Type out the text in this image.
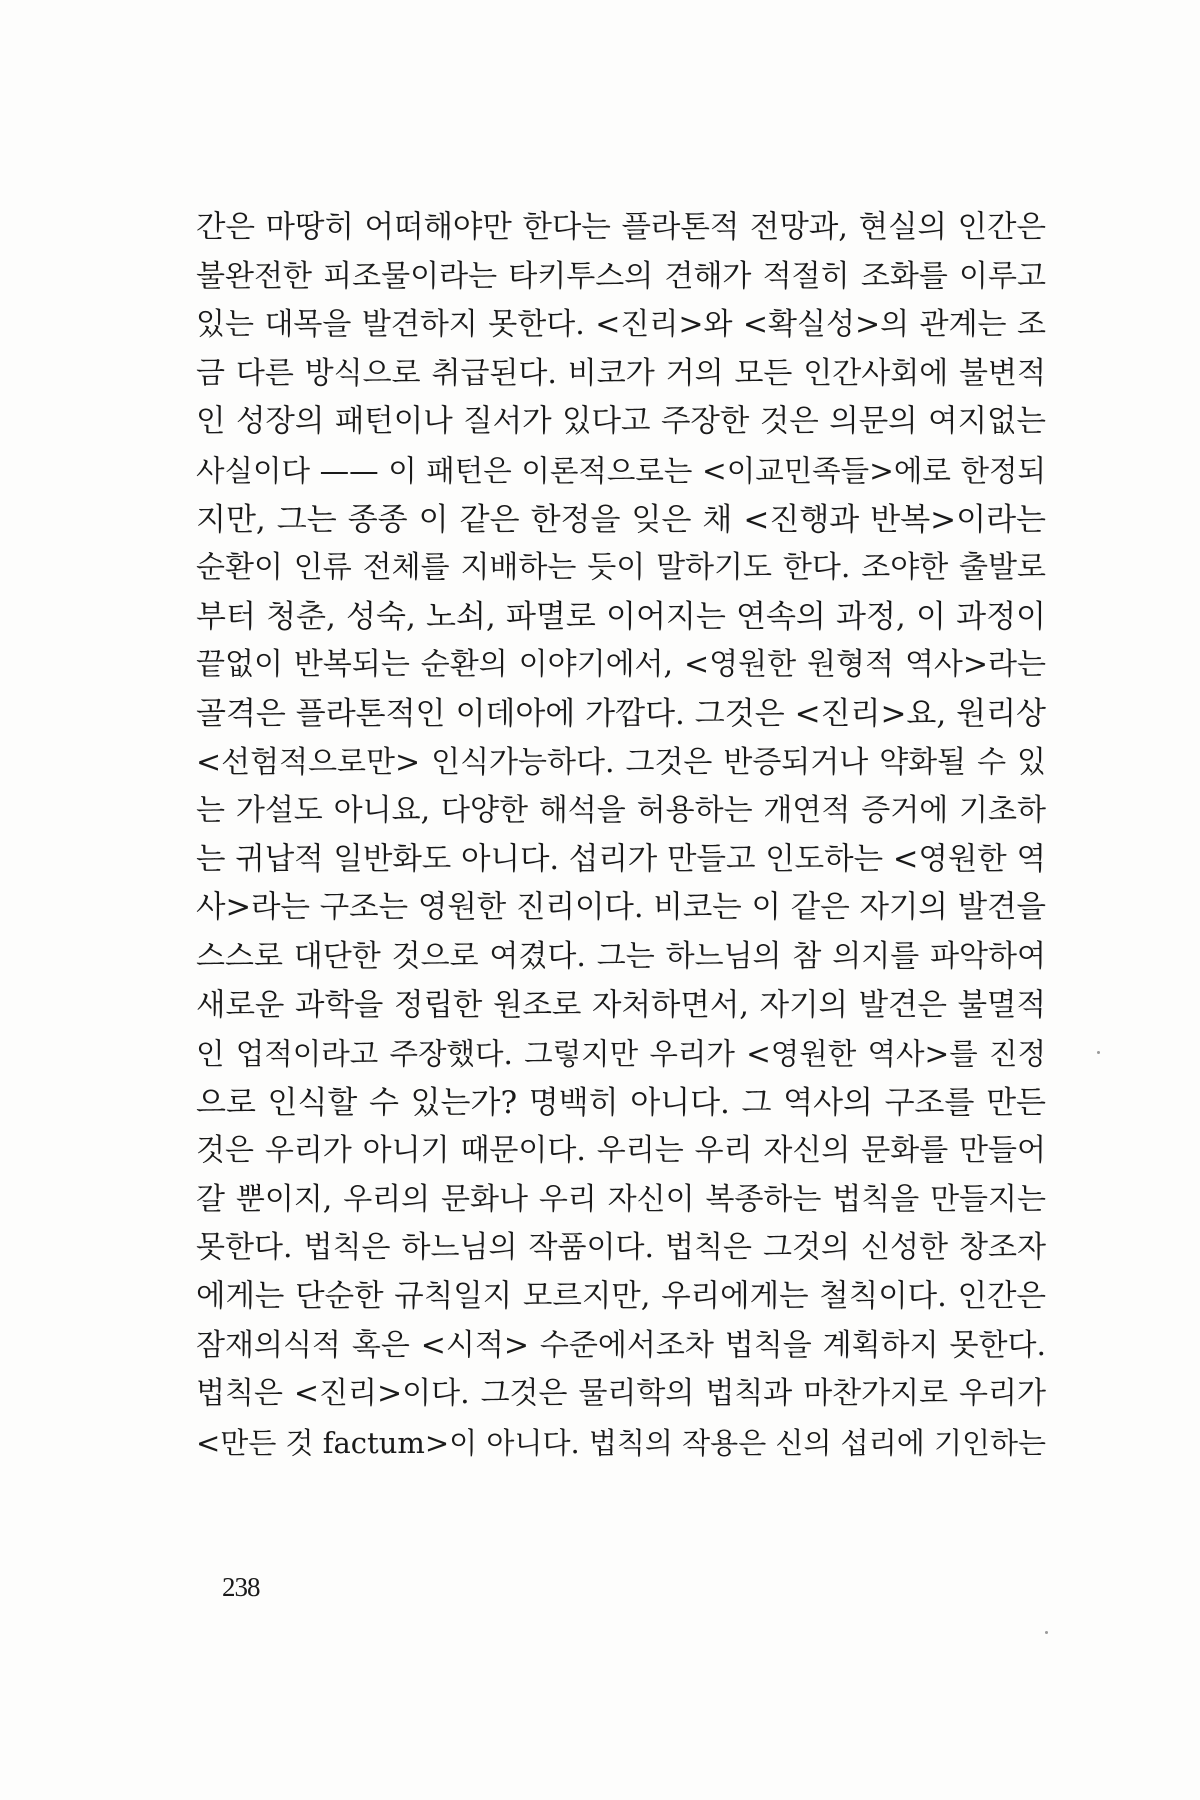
간은 마땅히 어떠해야만 한다는 플라톤적 전망과, 현실의 인간은
불완전한 피조물이라는 타키투스의 견해가 적절히 조화를 이루고
있는 대목을 발견하지 못한다. <진리>와 <확실성>의 관계는 조
금 다른 방식으로 취급된다. 비코가 거의 모든 인간사회에 불변적
인 성장의 패턴이나 질서가 있다고 주장한 것은 의문의 여지없는
사실이다 —— 이 패턴은 이론적으로는 <이교민족들>에로 한정되
지만, 그는 종종 이 같은 한정을 잊은 채 <진행과 반복>이라는
순환이 인류 전체를 지배하는 듯이 말하기도 한다. 조야한 출발로
부터 청춘, 성숙, 노쇠, 파멸로 이어지는 연속의 과정, 이 과정이
끝없이 반복되는 순환의 이야기에서, <영원한 원형적 역사>라는
골격은 플라톤적인 이데아에 가깝다. 그것은 <진리>요, 원리상
<선험적으로만> 인식가능하다. 그것은 반증되거나 약화될 수 있
는 가설도 아니요, 다양한 해석을 허용하는 개연적 증거에 기초하
는 귀납적 일반화도 아니다. 섭리가 만들고 인도하는 <영원한 역
사>라는 구조는 영원한 진리이다. 비코는 이 같은 자기의 발견을
스스로 대단한 것으로 여겼다. 그는 하느님의 참 의지를 파악하여
새로운 과학을 정립한 원조로 자처하면서, 자기의 발견은 불멸적
인 업적이라고 주장했다. 그렇지만 우리가 <영원한 역사>를 진정
으로 인식할 수 있는가? 명백히 아니다. 그 역사의 구조를 만든
것은 우리가 아니기 때문이다. 우리는 우리 자신의 문화를 만들어
갈 뿐이지, 우리의 문화나 우리 자신이 복종하는 법칙을 만들지는
못한다. 법칙은 하느님의 작품이다. 법칙은 그것의 신성한 창조자
에게는 단순한 규칙일지 모르지만, 우리에게는 철칙이다. 인간은
잠재의식적 혹은 <시적> 수준에서조차 법칙을 계획하지 못한다.
법칙은 <진리>이다. 그것은 물리학의 법칙과 마찬가지로 우리가
<만든 것 factum>이 아니다. 법칙의 작용은 신의 섭리에 기인하는
238
